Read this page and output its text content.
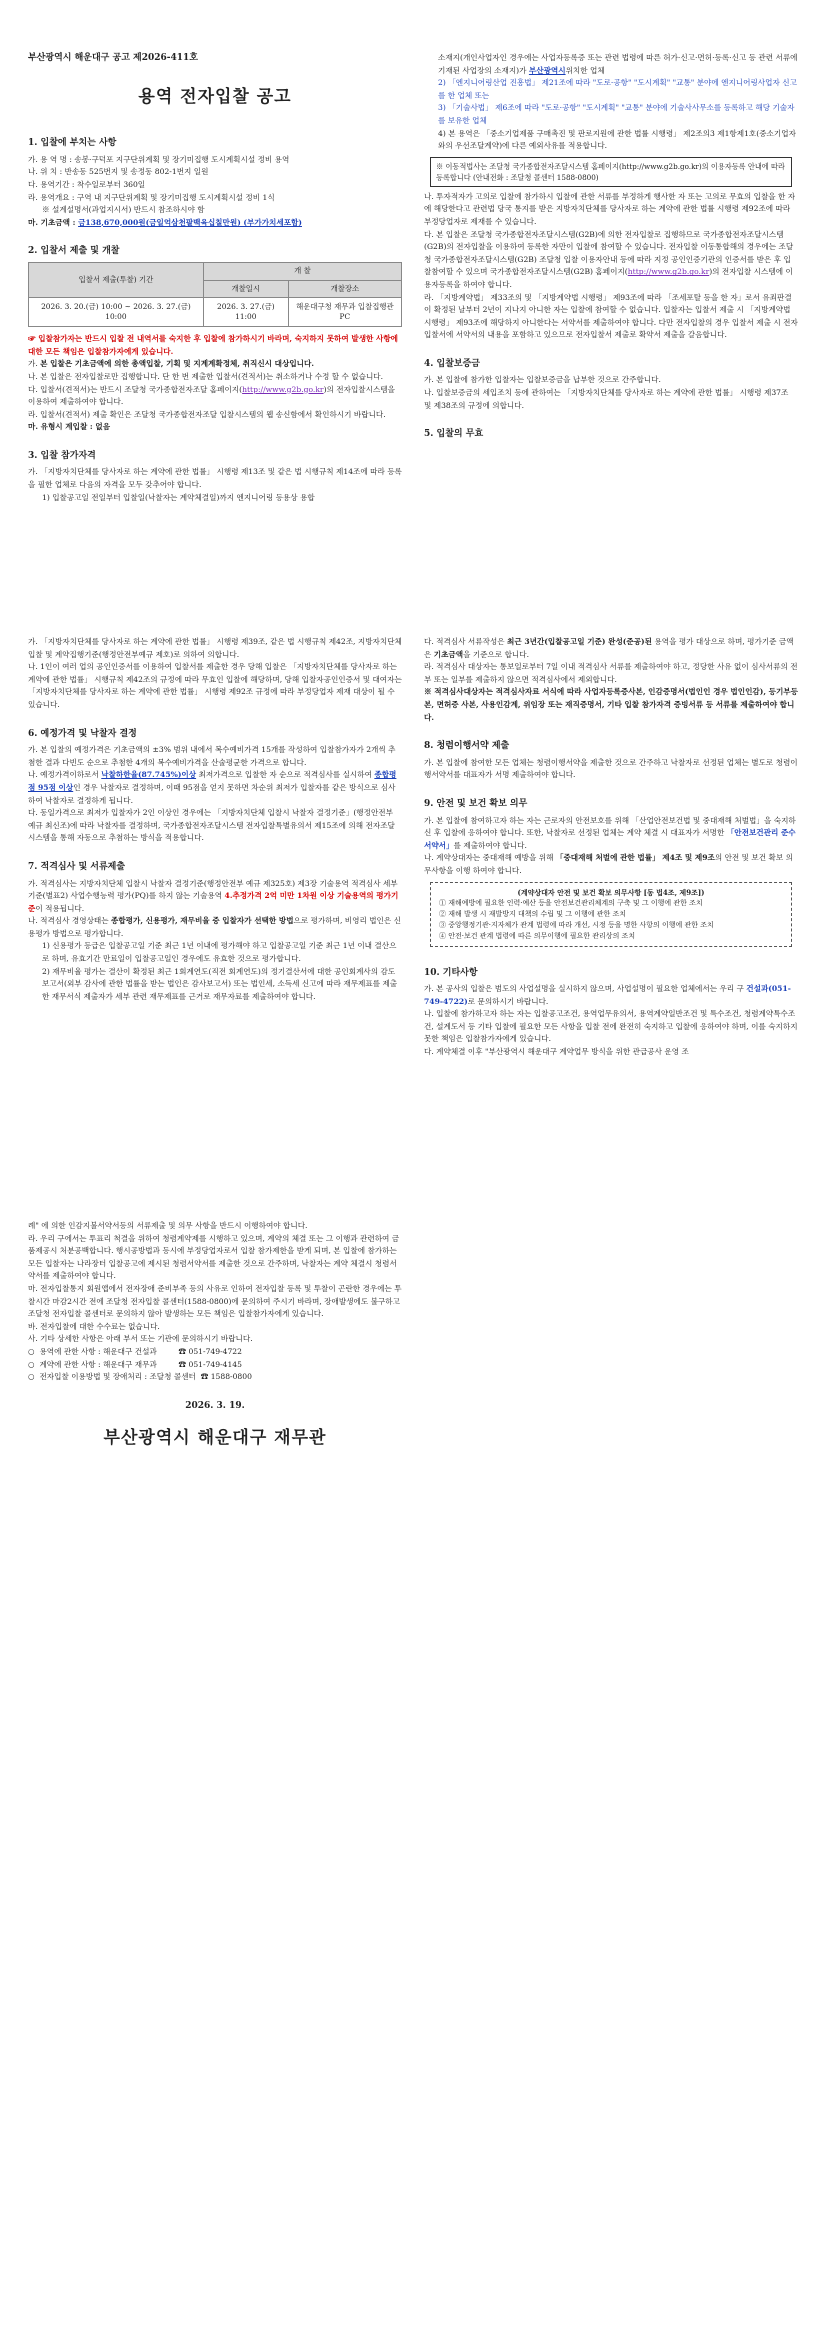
부산광역시 해운대구 공고 제2026-411호
용역 전자입찰 공고
1. 입찰에 부치는 사항
가. 용 역 명 : 송봉·구덕포 지구단위계획 및 장기미집행 도시계획시설 정비 용역
나. 위 치 : 반송동 525번지 및 송정동 802-1번지 일원
다. 용역기간 : 착수일로부터 360일
라. 용역개요 : 구역 내 지구단위계획 및 장기미집행 도시계획시설 정비 1식
※ 설계설명서(과업지시서) 반드시 참조하시야 함
마. 기초금액 : 금138,670,000원(금일억삼천팔백육십칠만원) (부가가치세포함)
2. 입찰서 제출 및 개찰
입찰서 제출(투찰) 기간	개 찰	
	개찰일시	개찰장소
2026. 3. 20.(금) 10:00 ~ 2026. 3. 27.(금) 10:00	2026. 3. 27.(금) 11:00	해운대구청 재무과 입찰집행관 PC
☞ 입찰참가자는 반드시 입찰 전 내역서를 숙지한 후 입찰에 참가하시기 바라며, 숙지하지 못하여 발생한 사항에 대한 모든 책임은 입찰참가자에게 있습니다.
가. 본 입찰은 기초금액에 의한 총액입찰, 기획 및 지계계확정체, 취직신시 대상입니다.
나. 본 입찰은 전자입찰로만 집행합니다. 단 한 번 제출한 입찰서(견적서)는 취소하거나 수정 할 수 없습니다.
다. 입찰서(견적서)는 반드시 조달청 국가종합전자조달 홈페이지(http://www.g2b.go.kr)의 전자입찰시스템을 이용하여 제출하여야 합니다.
라. 입찰서(견적서) 제출 확인은 조달청 국가종합전자조달 입찰시스템의 웹 송신함에서 확인하시기 바랍니다.
마. 유형시 계입찰 : 없음
3. 입찰 참가자격
가. 「지방자치단체를 당사자로 하는 계약에 관한 법률」 시행령 제13조 및 같은 법 시행규칙 제14조에 따라 등록을 필한 업체로 다음의 자격을 모두 갖추어야 합니다.
1) 입찰공고일 전일부터 입찰일(낙찰자는 계약체결일)까지 엔지니어링 등용상 용합
소재지(개인사업자인 경우에는 사업자등록증 또는 관련 법령에 따른 허가·신고·면허·등록·신고 등 관련 서류에 기재된 사업장의 소재지)가 부산광역시위치한 업체
2) 「엔지니어링산업 진흥법」 제21조에 따라 "도로·공항" "도시계획" "교통" 분야에 엔지니어링사업자 신고를 한 업체 또는
3) 「기술사법」 제6조에 따라 "도로·공항" "도시계획" "교통" 분야에 기술사사무소를 등록하고 해당 기술자를 보유한 업체
4) 본 용역은 「중소기업제품 구매촉진 및 판로지원에 관한 법률 시행령」 제2조의3 제1항제1호(중소기업자와의 우선조달계약)에 다른 예외사유를 적용합니다.
※ 이동적법사는 조달청 국가종합전자조달시스템 홈페이지(http://www.g2b.go.kr)의 이용자등록 안내에 따라 등록합니다 (안내전화 : 조달청 콜센터 1588-0800)
나. 투자적자가 고의로 입찰에 참가하시 입찰에 관한 서류를 부정하게 행사한 자 또는 고의로 무효의 입찰을 한 자에 해당한다고 관련법 당국 통지를 받은 지방자치단체를 당사자로 하는 계약에 관한 법률 시행령 제92조에 따라 부정당업자로 제재를 수 있습니다.
다. 본 입찰은 조달청 국가종합전자조달시스템(G2B)에 의한 전자입찰로 집행하므로 국가종합전자조달시스템(G2B)의 전자입찰을 이용하여 등록한 자만이 입찰에 참여할 수 있습니다. 전자입찰 이동통합해의 경우에는 조달청 국가종합전자조달시스템(G2B) 조달청 입찰 이용자안내 등에 따라 지정 공인인증기관의 인증서를 받은 후 입찰참여할 수 있으며 국가종합전자조달시스템(G2B) 홈페이지(http://www.g2b.go.kr)의 전자입찰 시스템에 이용자등록을 하여야 합니다.
라. 「지방계약법」 제33조의 및 「지방계약법 시행령」 제93조에 따라 「조세포탈 등을 한 자」로서 유죄판결이 확정된 날부터 2년이 지나지 아니한 자는 입찰에 참여할 수 없습니다. 입찰자는 입찰서 제출 시 「지방계약법 시행령」 제93조에 해당하지 아니한다는 서약서를 제출하여야 합니다. 다만 전자입찰의 경우 입찰서 제출 시 전자입찰서에 서약서의 내용을 포함하고 있으므로 전자입찰서 제출로 확약서 제출을 갈음합니다.
4. 입찰보증금
가. 본 입찰에 참가한 입찰자는 입찰보증금을 납부한 것으로 간주합니다.
나. 입찰보증금의 세입조치 등에 관하여는 「지방자치단체를 당사자로 하는 계약에 관한 법률」 시행령 제37조 및 제38조의 규정에 의합니다.
5. 입찰의 무효
가. 「지방자치단체를 당사자로 하는 계약에 관한 법률」 시행령 제39조, 같은 법 시행규칙 제42조, 지방자치단체 입찰 및 계약집행기준(행정안전부예규 제호)로 의하여 의합니다.
나. 1인이 여러 업의 공인인증서를 이용하여 입찰서를 제출한 경우 당해 입찰은 「지방자치단체를 당사자로 하는 계약에 관한 법률」 시행규칙 제42조의 규정에 따라 무효인 입찰에 해당하며, 당해 입찰자공인인증서 및 대여자는 「지방자치단체를 당사자로 하는 계약에 관한 법률」 시행령 제92조 규정에 따라 부정당업자 제재 대상이 될 수 있습니다.
6. 예정가격 및 낙찰자 결정
가. 본 입찰의 예정가격은 기초금액의 ±3% 범위 내에서 복수예비가격 15개를 작성하여 입찰참가자가 2개씩 추첨한 결과 다빈도 순으로 추첨한 4개의 복수예비가격을 산술평균한 가격으로 합니다.
나. 예정가격이하로서 낙찰하한율(87.745%)이상 최저가격으로 입찰한 자 순으로 적격심사를 실시하여 종합평점 95점 이상인 경우 낙찰자로 결정하며, 이때 95점을 얻지 못하면 차순위 최저가 입찰자를 같은 방식으로 심사하여 낙찰자로 결정하게 됩니다.
다. 동일가격으로 최저가 입찰자가 2인 이상인 경우에는 「지방자치단체 입찰시 낙찰자 결정기준」(행정안전부 예규 최신조)에 따라 낙찰자를 결정하며, 국가종합전자조달시스템 전자입찰특별유의서 제15조에 의해 전자조달시스템을 통해 자동으로 추첨하는 방식을 적용합니다.
7. 적격심사 및 서류제출
가. 적격심사는 지방자치단체 입찰시 낙찰자 결정기준(행정안전부 예규 제325호) 제3장 기술용역 적격심사 세부기준(별표2) 사업수행능력 평가(PQ)를 하지 않는 기술용역 4.추정가격 2억 미만 1차원 이상 기술용역의 평가기준이 적용됩니다.
나. 적격심사 경영상태는 종합평가, 신용평가, 재무비율 중 입찰자가 선택한 방법으로 평가하며, 비영리 법인은 신용평가 방법으로 평가합니다.
1) 신용평가 등급은 입찰공고일 기준 최근 1년 이내에 평가해야 하고 입찰공고일 기준 최근 1년 이내 결산으로 하며, 유효기간 만료일이 입찰공고일인 경우에도 유효한 것으로 평가합니다.
2) 재무비율 평가는 결산이 확정된 최근 1회계연도(직전 회계연도)의 정기결산서에 대한 공인회계사의 감도보고서(외부 감사에 관한 법률을 받는 법인은 감사보고서) 또는 법인세, 소득세 신고에 따라 재무제표를 제출한 재무서식 제출자가 세부 관련 재무제표를 근거로 재무자료를 제출하여야 합니다.
다. 적격심사 서류작성은 최근 3년간(입찰공고일 기준) 완성(준공)된 용역을 평가 대상으로 하며, 평가기준 금액은 기초금액을 기준으로 합니다.
라. 적격심사 대상자는 통보일로부터 7일 이내 적격심사 서류를 제출하여야 하고, 정당한 사유 없이 심사서류의 전부 또는 일부를 제출하지 않으면 적격심사에서 제외합니다.
※ 적격심사대상자는 적격심사자료 서식에 따라 사업자등록증사본, 인감증명서(법인인 경우 법인인감), 등기부등본, 면허증 사본, 사용인감계, 위임장 또는 재직증명서, 기타 입찰 참가자격 증빙서류 등 서류를 제출하여야 합니다.
8. 청렴이행서약 제출
가. 본 입찰에 참여한 모든 업체는 청렴이행서약을 제출한 것으로 간주하고 낙찰자로 선정된 업체는 별도로 청렴이행서약서를 대표자가 서명 제출하여야 합니다.
9. 안전 및 보건 확보 의무
가. 본 입찰에 참여하고자 하는 자는 근로자의 안전보호를 위해 「산업안전보건법 및 중대재해 처벌법」을 숙지하신 후 입찰에 응하여야 합니다. 또한, 낙찰자로 선정된 업체는 계약 체결 시 대표자가 서명한 「안전보건관리 준수 서약서」를 제출하여야 합니다.
나. 계약상대자는 중대재해 예방을 위해 「중대재해 처벌에 관한 법률」 제4조 및 제9조의 안전 및 보건 확보 의무사항을 이행 하여야 합니다.
(계약상대자 안전 및 보건 확보 의무사항 [동 법4조, 제9조])
① 재해예방에 필요한 인력·예산 등을 안전보건관리체계의 구축 및 그 이행에 관한 조치
② 재해 발생 시 재발방지 대책의 수립 및 그 이행에 관한 조치
③ 중앙행정기관·지자체가 관계 법령에 따라 개선, 시정 등을 명한 사항의 이행에 관한 조치
④ 안전·보건 관계 법령에 따른 의무이행에 필요한 관리상의 조치
10. 기타사항
가. 본 공사의 입찰은 범도의 사업설명을 실시하지 않으며, 사업설명이 필요한 업체에서는 우리 구 건설과(051-749-4722)로 문의하시기 바랍니다.
나. 입찰에 참가하고자 하는 자는 입찰공고조건, 용역업무유의서, 용역계약일반조건 및 특수조건, 청렴계약특수조건, 설계도서 등 기타 입찰에 필요한 모든 사항을 입찰 전에 완전히 숙지하고 입찰에 응하여야 하며, 이를 숙지하지 못한 책임은 입찰참가자에게 있습니다.
다. 계약체결 이후 "부산광역시 해운대구 계약업무 방식을 위한 관급공사 운영 조
례" 에 의한 인감지불서약서등의 서류제출 및 의무 사항을 반드시 이행하여야 합니다.
라. 우리 구에서는 투표리 척결을 위하여 청렴계약제를 시행하고 있으며, 계약의 체결 또는 그 이행과 관련하여 금품제공시 처분공백합니다. 행시공방법과 등시에 부정당업자로서 입찰 참가제한을 받게 되며, 본 입찰에 참가하는 모든 입찰자는 나라장터 입찰공고에 제시된 청렴서약서를 제출한 것으로 간주하며, 낙찰자는 계약 체결시 청렴서약서를 제출하여야 합니다.
마. 전자입찰통지 회원앱에서 전자장애 준비부족 등의 사유로 인하여 전자입찰 등록 및 투찰이 곤란한 경우에는 투찰시간 마감2시간 전에 조달청 전자입찰 콜센터(1588-0800)에 문의하여 주시기 바라며, 장애발생에도 불구하고 조달청 전자입찰 콜센터로 문의하지 않아 발생하는 모든 책임은 입찰참가자에게 있습니다.
바. 전자입찰에 대한 수수료는 없습니다.
사. 기타 상세한 사항은 아래 부서 또는 기관에 문의하시기 바랍니다.
○  용역에 관한 사항 : 해운대구 건설과         ☎ 051-749-4722
○  계약에 관한 사항 : 해운대구 재무과         ☎ 051-749-4145
○  전자입찰 이용방법 및 장애처리 : 조달청 콜센터  ☎ 1588-0800
2026. 3. 19.
부산광역시 해운대구 재무관
